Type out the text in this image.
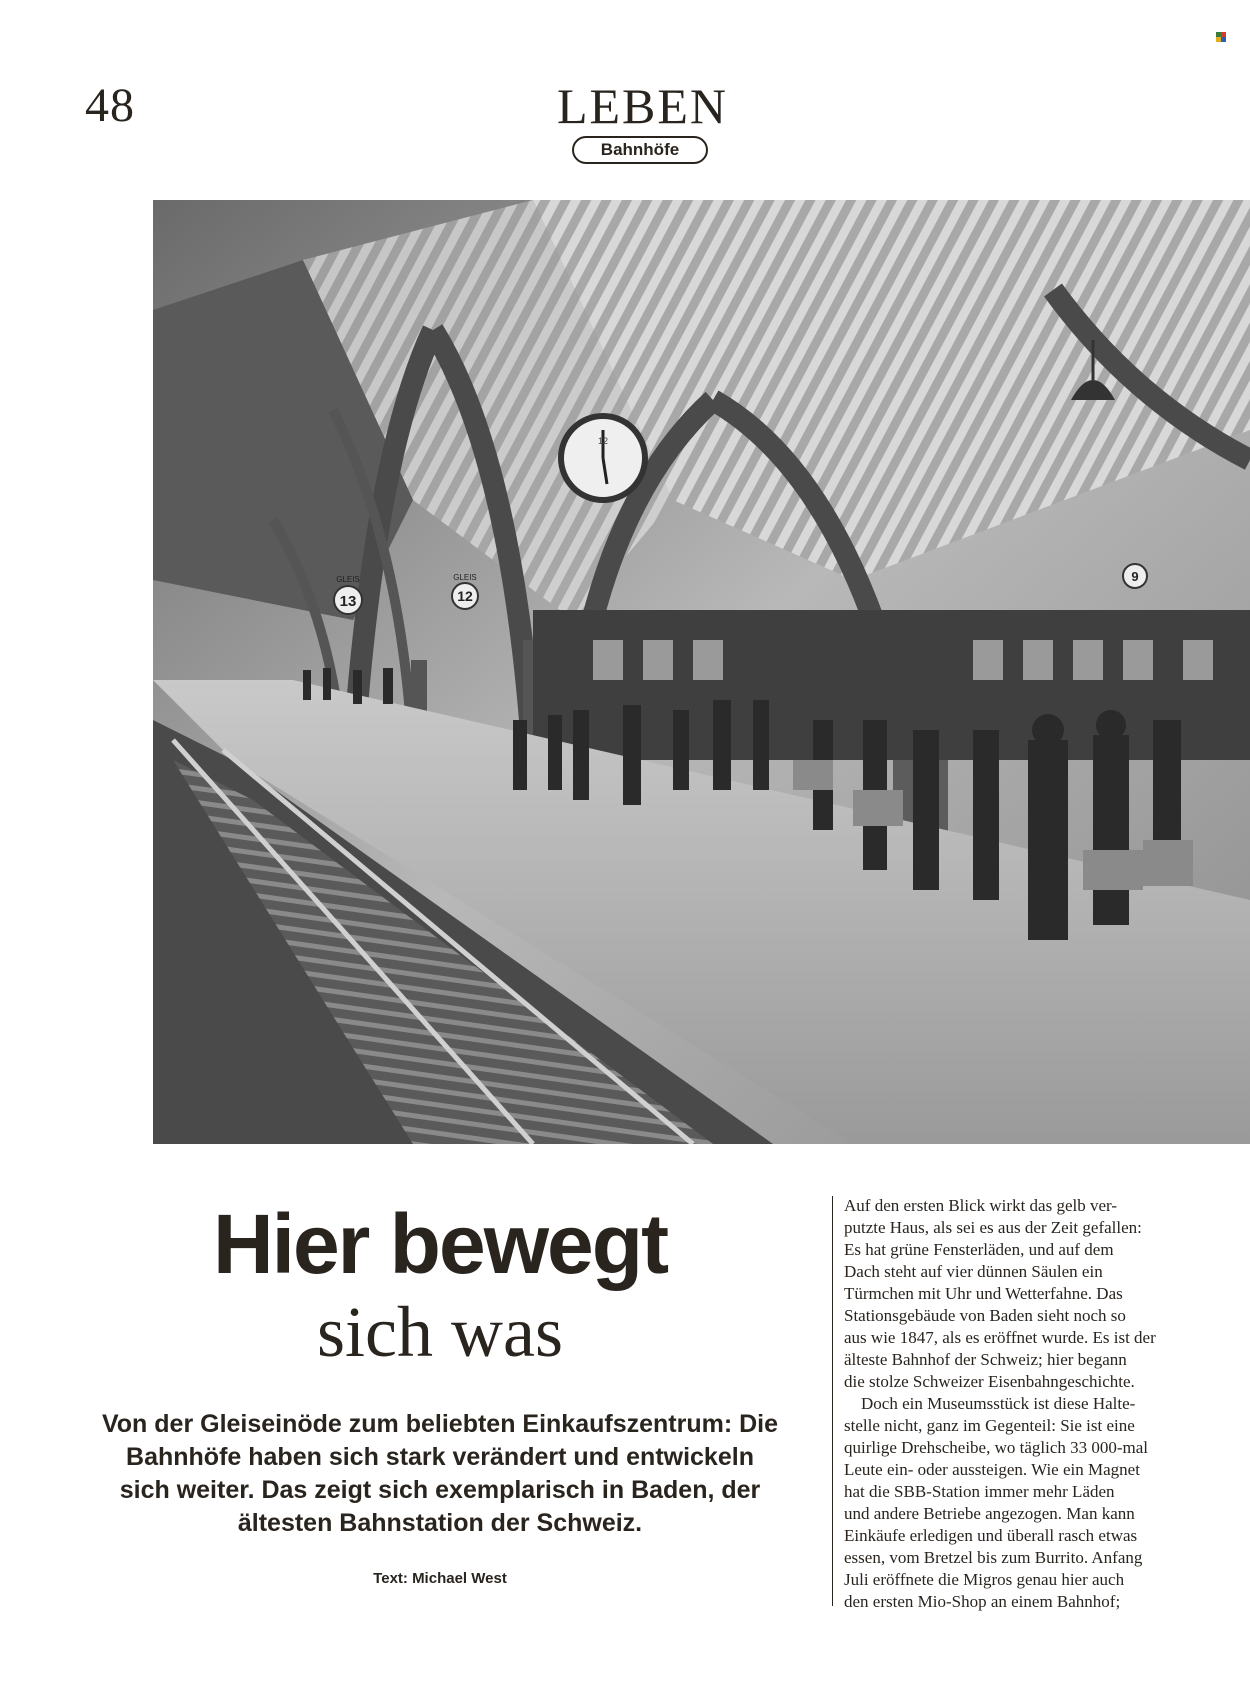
48	LEBEN
Bahnhöfe
12
13
GLEIS
12
GLEIS	9
Hier bewegt
sich was
Von der Gleiseinöde zum beliebten Einkaufszentrum: Die Bahnhöfe haben sich stark verändert und entwickeln sich weiter. Das zeigt sich exemplarisch in Baden, der ältesten Bahnstation der Schweiz.
Text: Michael West
Auf den ersten Blick wirkt das gelb ver-
putzte Haus, als sei es aus der Zeit gefallen:
Es hat grüne Fensterläden, und auf dem
Dach steht auf vier dünnen Säulen ein
Türmchen mit Uhr und Wetterfahne. Das
Stationsgebäude von Baden sieht noch so
aus wie 1847, als es eröffnet wurde. Es ist der
älteste Bahnhof der Schweiz; hier begann
die stolze Schweizer Eisenbahngeschichte.
Doch ein Museumsstück ist diese Halte-
stelle nicht, ganz im Gegenteil: Sie ist eine
quirlige Drehscheibe, wo täglich 33 000-mal
Leute ein- oder aussteigen. Wie ein Magnet
hat die SBB-Station immer mehr Läden
und andere Betriebe angezogen. Man kann
Einkäufe erledigen und überall rasch etwas
essen, vom Bretzel bis zum Burrito. Anfang
Juli eröffnete die Migros genau hier auch
den ersten Mio-Shop an einem Bahnhof;
